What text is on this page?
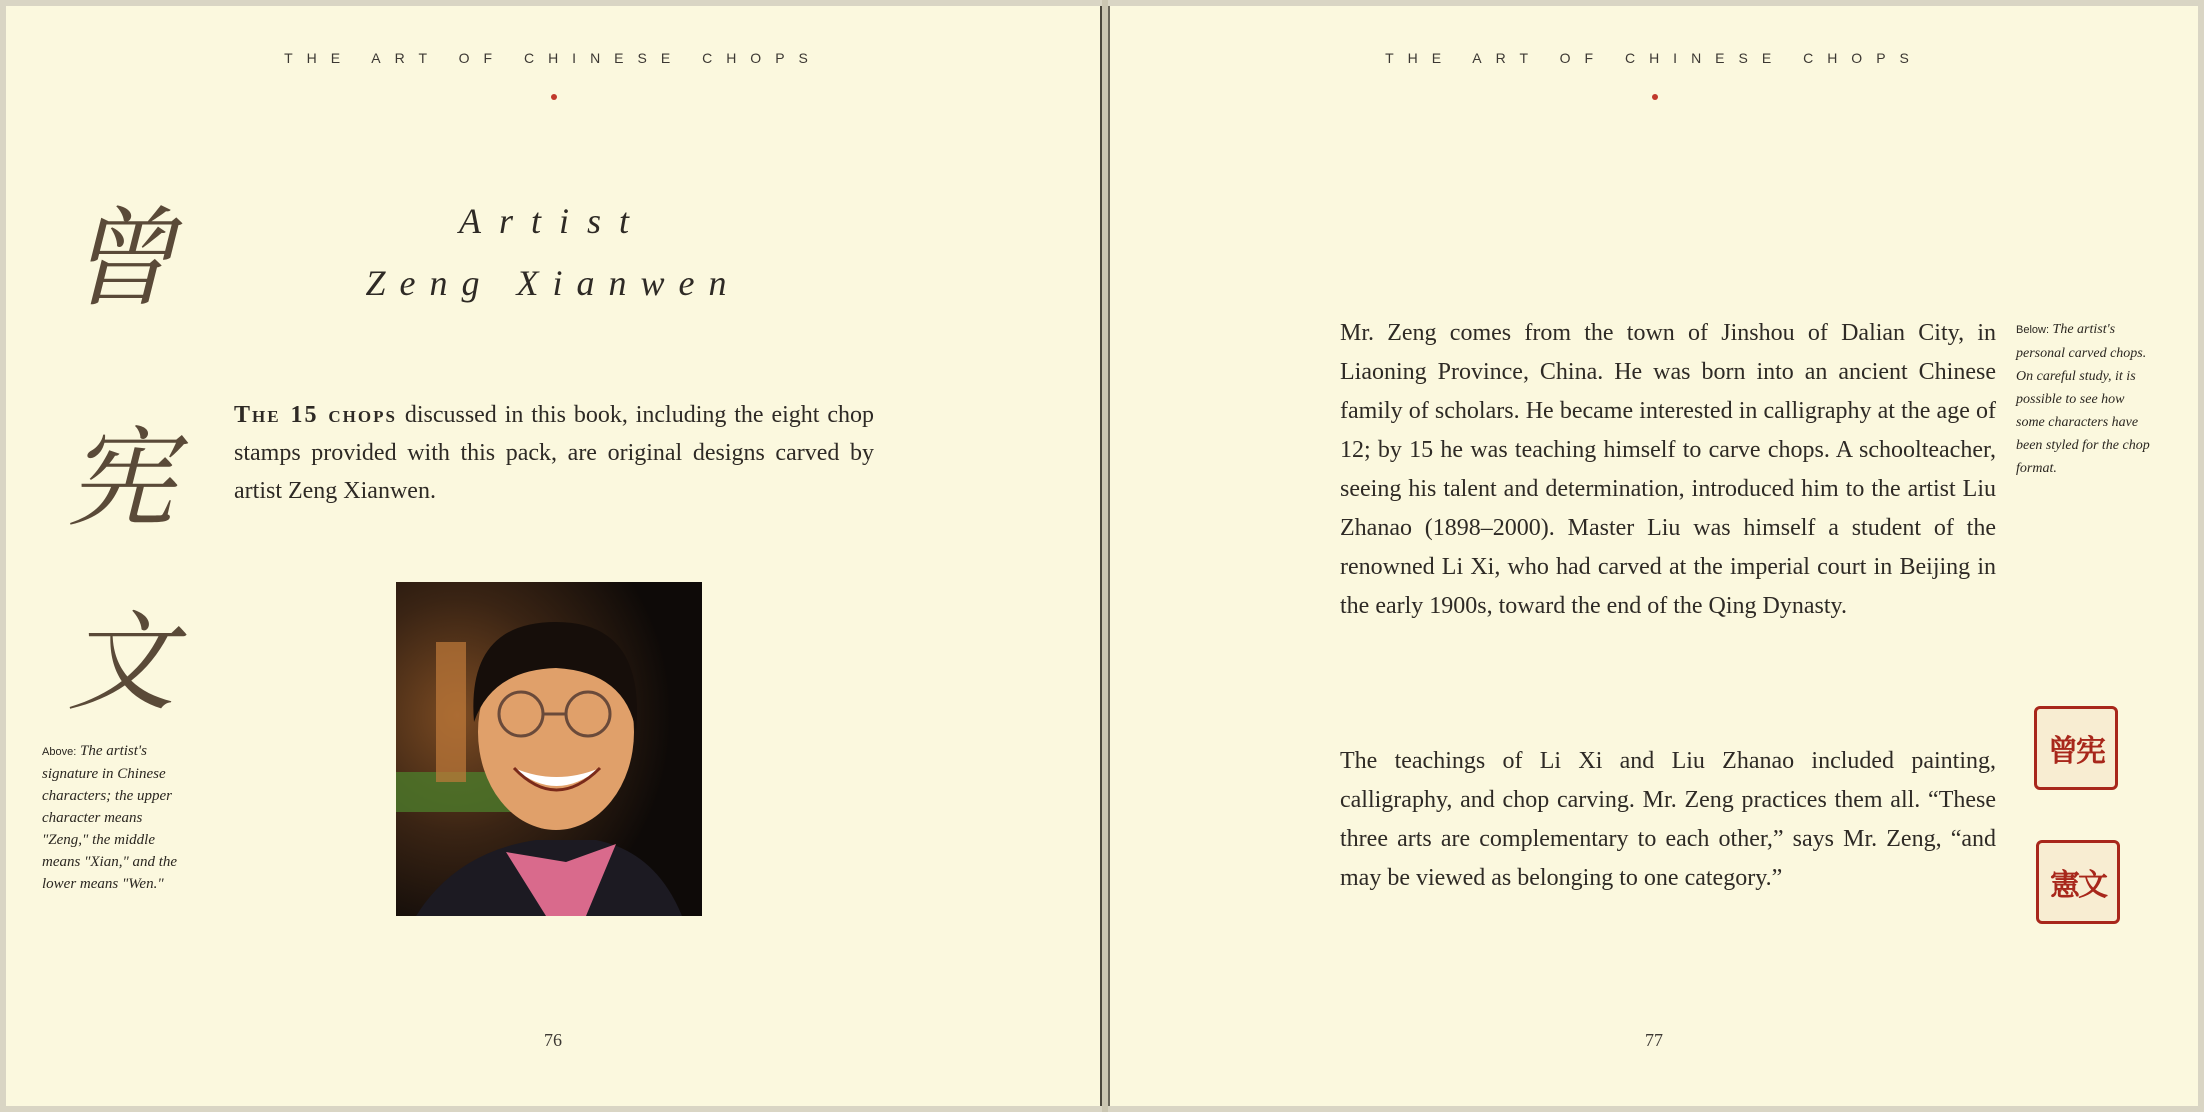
THE ART OF CHINESE CHOPS
Artist
Zeng Xianwen
曾
宪
文
Above: The artist's signature in Chinese characters; the upper character means "Zeng," the middle means "Xian," and the lower means "Wen."
The 15 chops discussed in this book, including the eight chop stamps provided with this pack, are original designs carved by artist Zeng Xianwen.
76
THE ART OF CHINESE CHOPS
Mr. Zeng comes from the town of Jinshou of Dalian City, in Liaoning Province, China. He was born into an ancient Chinese family of scholars. He became interested in calligraphy at the age of 12; by 15 he was teaching himself to carve chops. A schoolteacher, seeing his talent and determination, introduced him to the artist Liu Zhanao (1898–2000). Master Liu was himself a student of the renowned Li Xi, who had carved at the imperial court in Beijing in the early 1900s, toward the end of the Qing Dynasty.
The teachings of Li Xi and Liu Zhanao included painting, calligraphy, and chop carving. Mr. Zeng practices them all. “These three arts are complementary to each other,” says Mr. Zeng, “and may be viewed as belonging to one category.”
Below: The artist's personal carved chops. On careful study, it is possible to see how some characters have been styled for the chop format.
曾宪
憲文
77
